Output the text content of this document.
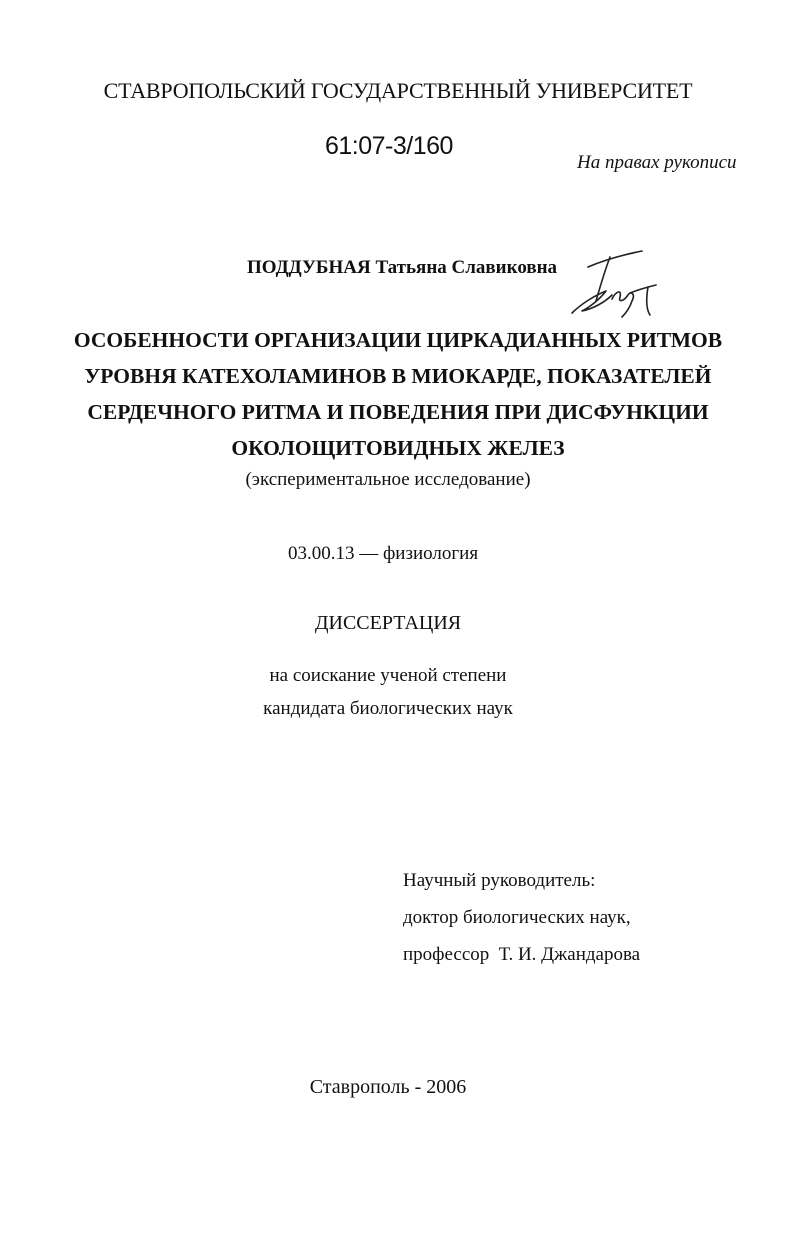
СТАВРОПОЛЬСКИЙ ГОСУДАРСТВЕННЫЙ УНИВЕРСИТЕТ
61:07-3/160
На правах рукописи
ПОДДУБНАЯ Татьяна Славиковна
ОСОБЕННОСТИ ОРГАНИЗАЦИИ ЦИРКАДИАННЫХ РИТМОВ
УРОВНЯ КАТЕХОЛАМИНОВ В МИОКАРДЕ, ПОКАЗАТЕЛЕЙ
СЕРДЕЧНОГО РИТМА И ПОВЕДЕНИЯ ПРИ ДИСФУНКЦИИ
ОКОЛОЩИТОВИДНЫХ ЖЕЛЕЗ
(экспериментальное исследование)
03.00.13 — физиология
ДИССЕРТАЦИЯ
на соискание ученой степени
кандидата биологических наук
Научный руководитель:
доктор биологических наук,
профессор  Т. И. Джандарова
Ставрополь - 2006
